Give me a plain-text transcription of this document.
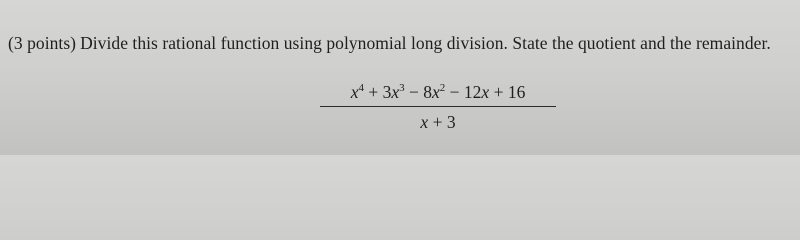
(3 points) Divide this rational function using polynomial long division. State the quotient and the remainder.
$x^4 + 3x^3 - 8x^2 - 12x + 16$
x + 3
